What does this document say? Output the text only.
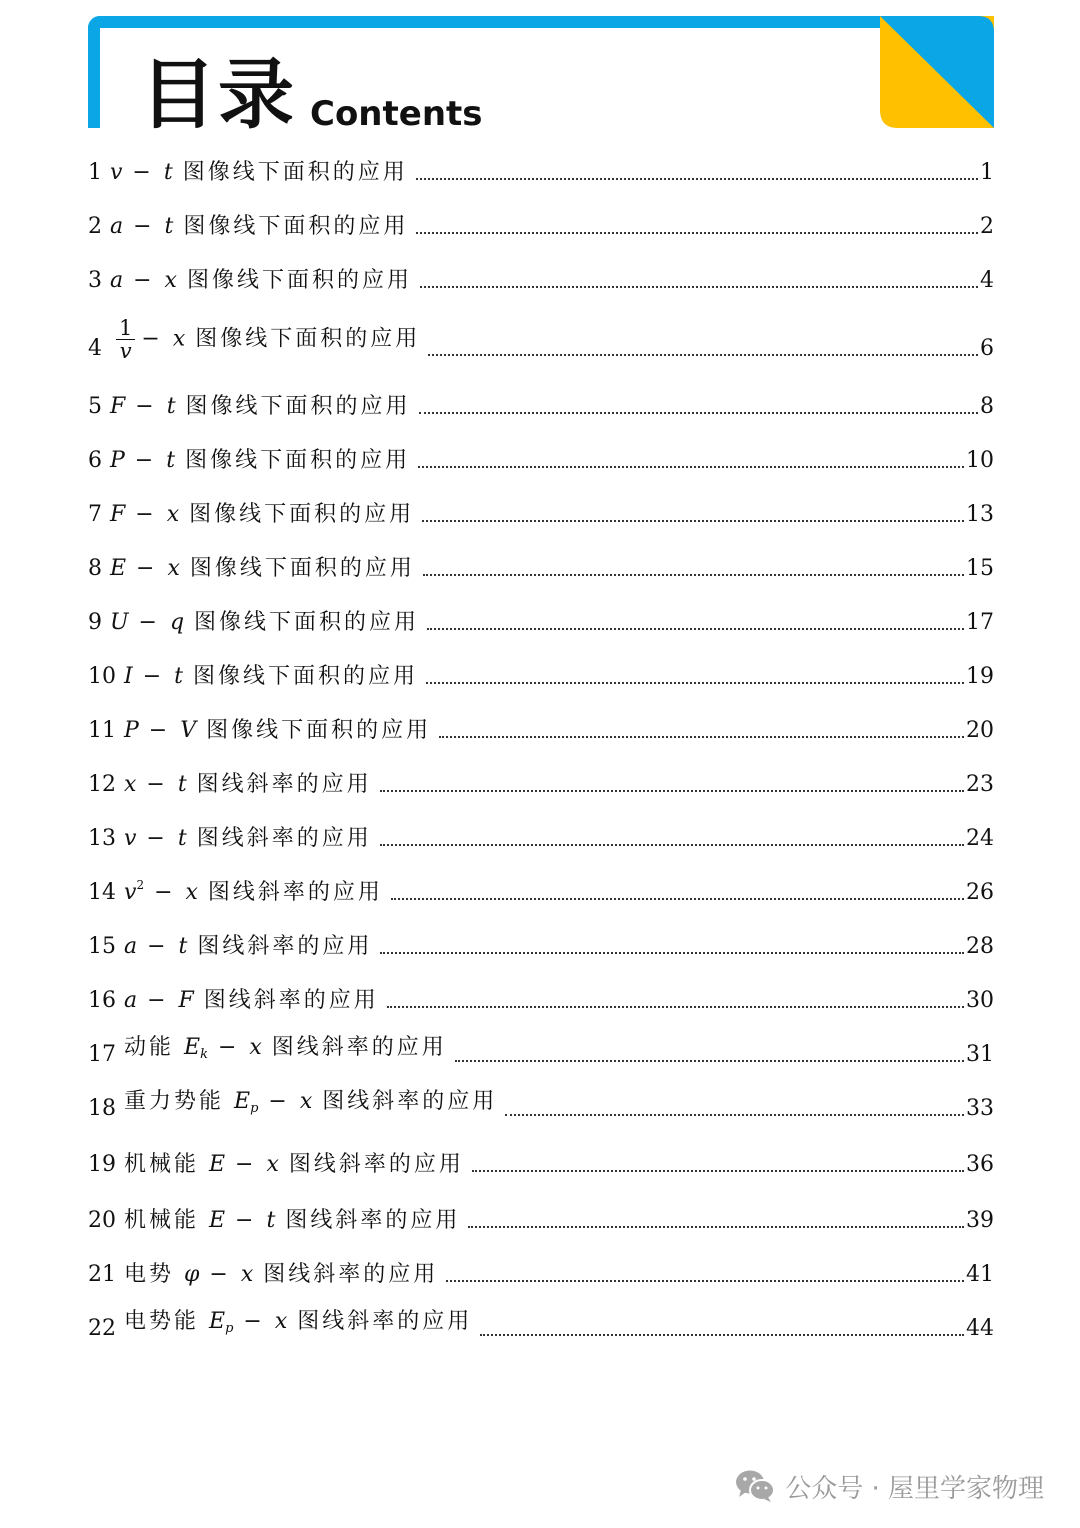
目录 Contents
1 v − t 图像线下面积的应用	1
2 a − t 图像线下面积的应用	2
3 a − x 图像线下面积的应用	4
$4 \frac{1}{v} - x$ 图像线下面积的应用	6
5 F − t 图像线下面积的应用	8
6 P − t 图像线下面积的应用	10
7 F − x 图像线下面积的应用	13
8 E − x 图像线下面积的应用	15
9 U − q 图像线下面积的应用	17
10 I − t 图像线下面积的应用	19
11 P − V 图像线下面积的应用	20
12 x − t 图线斜率的应用	23
13 v − t 图线斜率的应用	24
14 $v^2 - x$ 图线斜率的应用	26
15 a − t 图线斜率的应用	28
16 a − F 图线斜率的应用	30
17 动能 $E_k - x$ 图线斜率的应用	31
18 重力势能 $E_p - x$ 图线斜率的应用	33
19 机械能 E − x 图线斜率的应用	36
20 机械能 E − t 图线斜率的应用	39
21 电势 φ − x 图线斜率的应用	41
22 电势能 $E_p - x$ 图线斜率的应用	44
公众号 · 屋里学家物理
